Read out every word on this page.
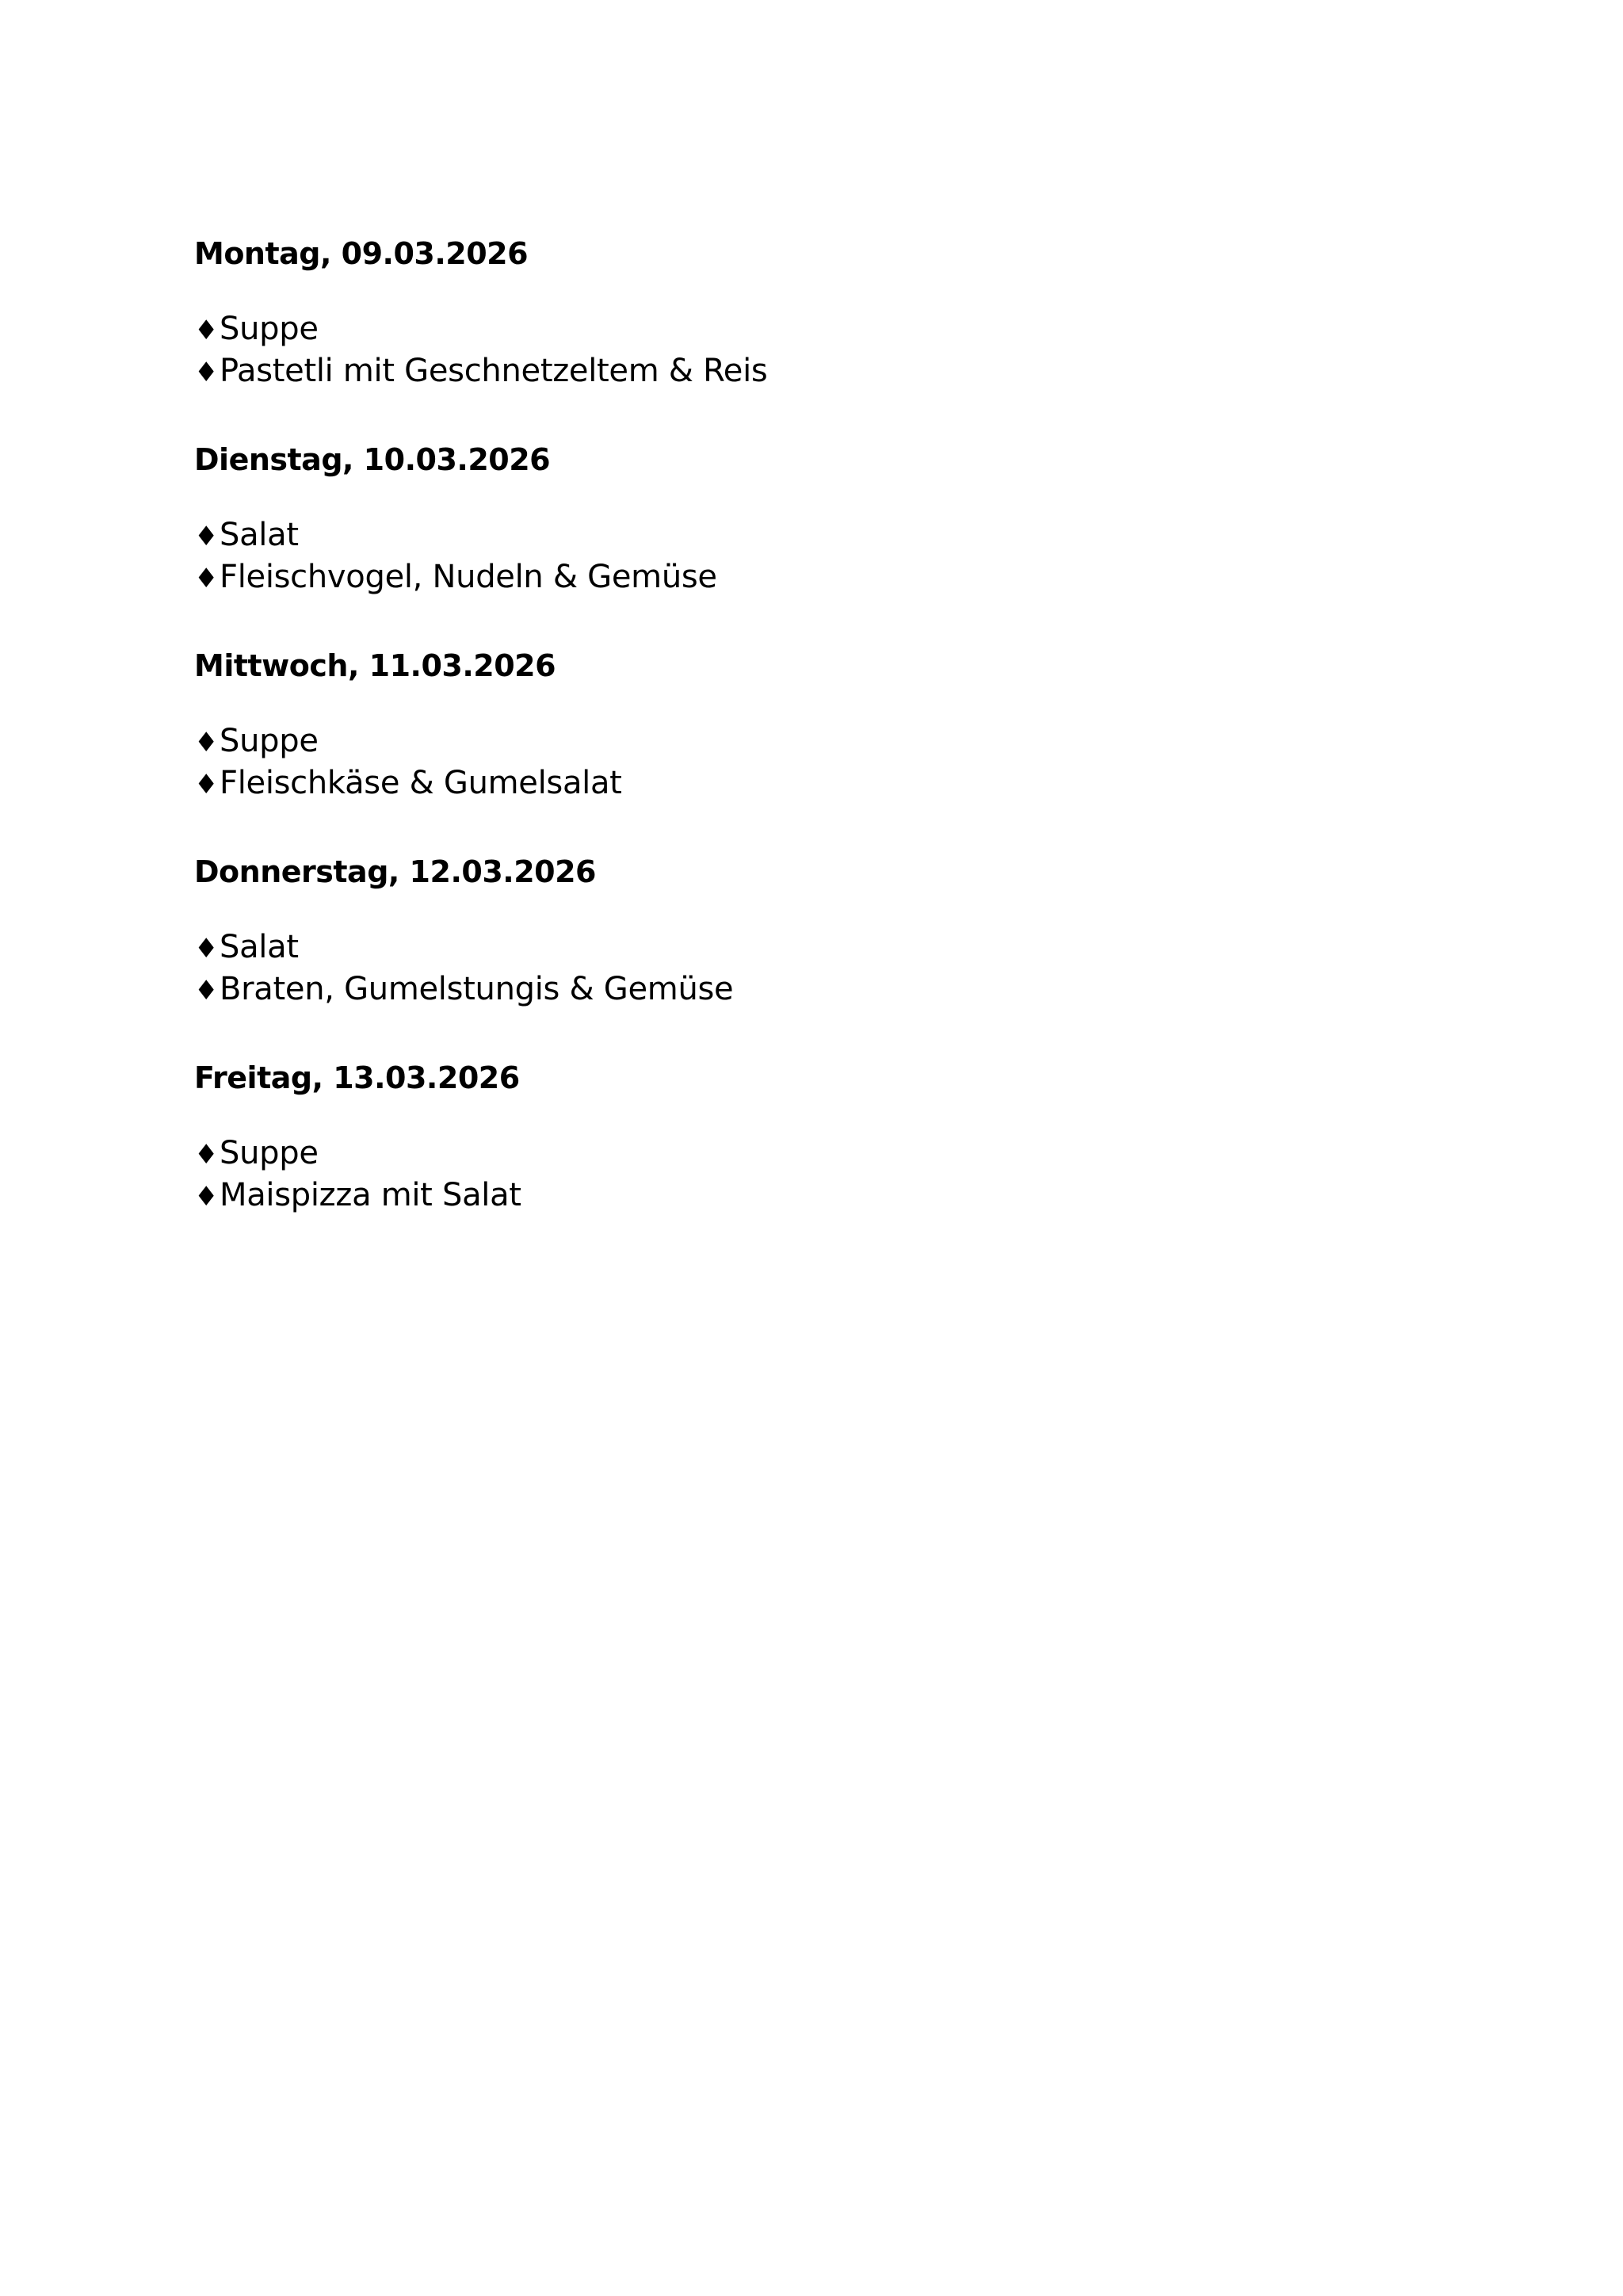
Montag, 09.03.2026
♦ Suppe
♦ Pastetli mit Geschnetzeltem & Reis
Dienstag, 10.03.2026
♦ Salat
♦ Fleischvogel, Nudeln & Gemüse
Mittwoch, 11.03.2026
♦ Suppe
♦ Fleischkäse & Gumelsalat
Donnerstag, 12.03.2026
♦ Salat
♦ Braten, Gumelstungis & Gemüse
Freitag, 13.03.2026
♦ Suppe
♦ Maispizza mit Salat
